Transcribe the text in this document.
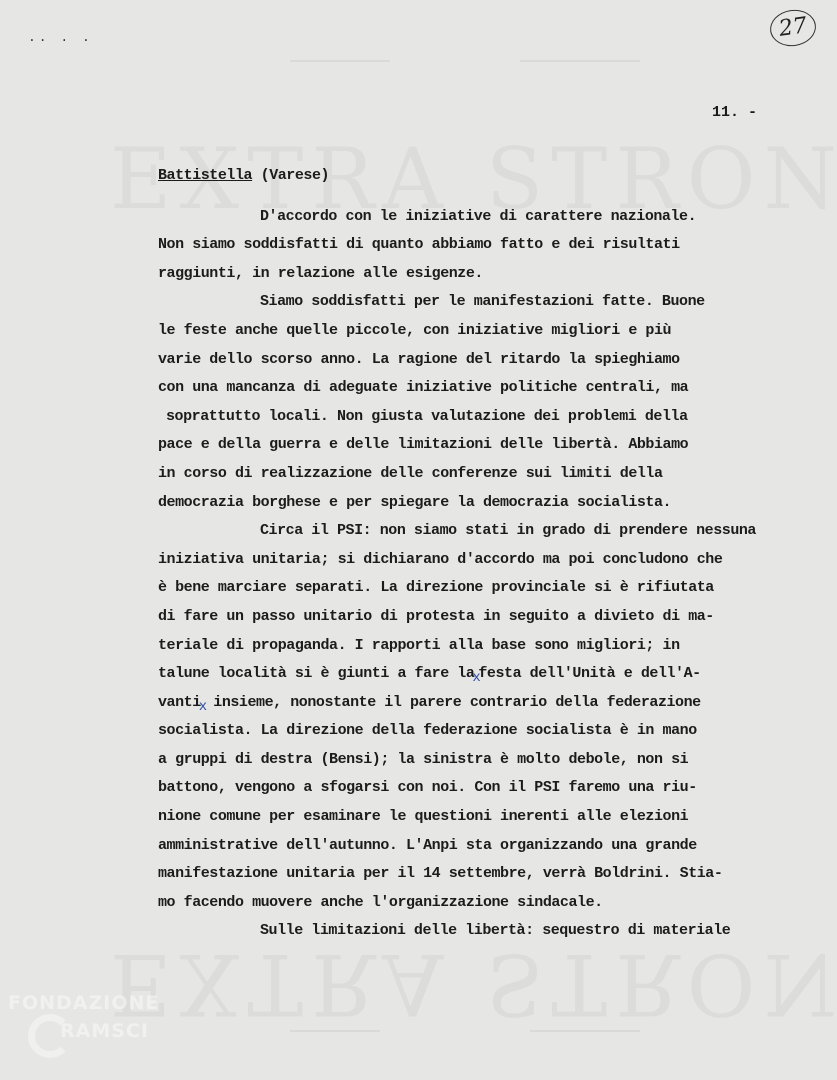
.. . .	27
11. -
Battistella (Varese)
D'accordo con le iniziative di carattere nazionale.
Non siamo soddisfatti di quanto abbiamo fatto e dei risultati
raggiunti, in relazione alle esigenze.
Siamo soddisfatti per le manifestazioni fatte. Buone
le feste anche quelle piccole, con iniziative migliori e più
varie dello scorso anno. La ragione del ritardo la spieghiamo
con una mancanza di adeguate iniziative politiche centrali, ma
soprattutto locali. Non giusta valutazione dei problemi della
pace e della guerra e delle limitazioni delle libertà. Abbiamo
in corso di realizzazione delle conferenze sui limiti della
democrazia borghese e per spiegare la democrazia socialista.
Circa il PSI: non siamo stati in grado di prendere nessuna
iniziativa unitaria; si dichiarano d'accordo ma poi concludono che
è bene marciare separati. La direzione provinciale si è rifiutata
di fare un passo unitario di protesta in seguito a divieto di ma-
teriale di propaganda. I rapporti alla base sono migliori; in
talune località si è giunti a fare laxfesta dell'Unità e dell'A-
vantix insieme, nonostante il parere contrario della federazione
socialista. La direzione della federazione socialista è in mano
a gruppi di destra (Bensi); la sinistra è molto debole, non si
battono, vengono a sfogarsi con noi. Con il PSI faremo una riu-
nione comune per esaminare le questioni inerenti alle elezioni
amministrative dell'autunno. L'Anpi sta organizzando una grande
manifestazione unitaria per il 14 settembre, verrà Boldrini. Stia-
mo facendo muovere anche l'organizzazione sindacale.
Sulle limitazioni delle libertà: sequestro di materiale
FONDAZIONE
RAMSCI
